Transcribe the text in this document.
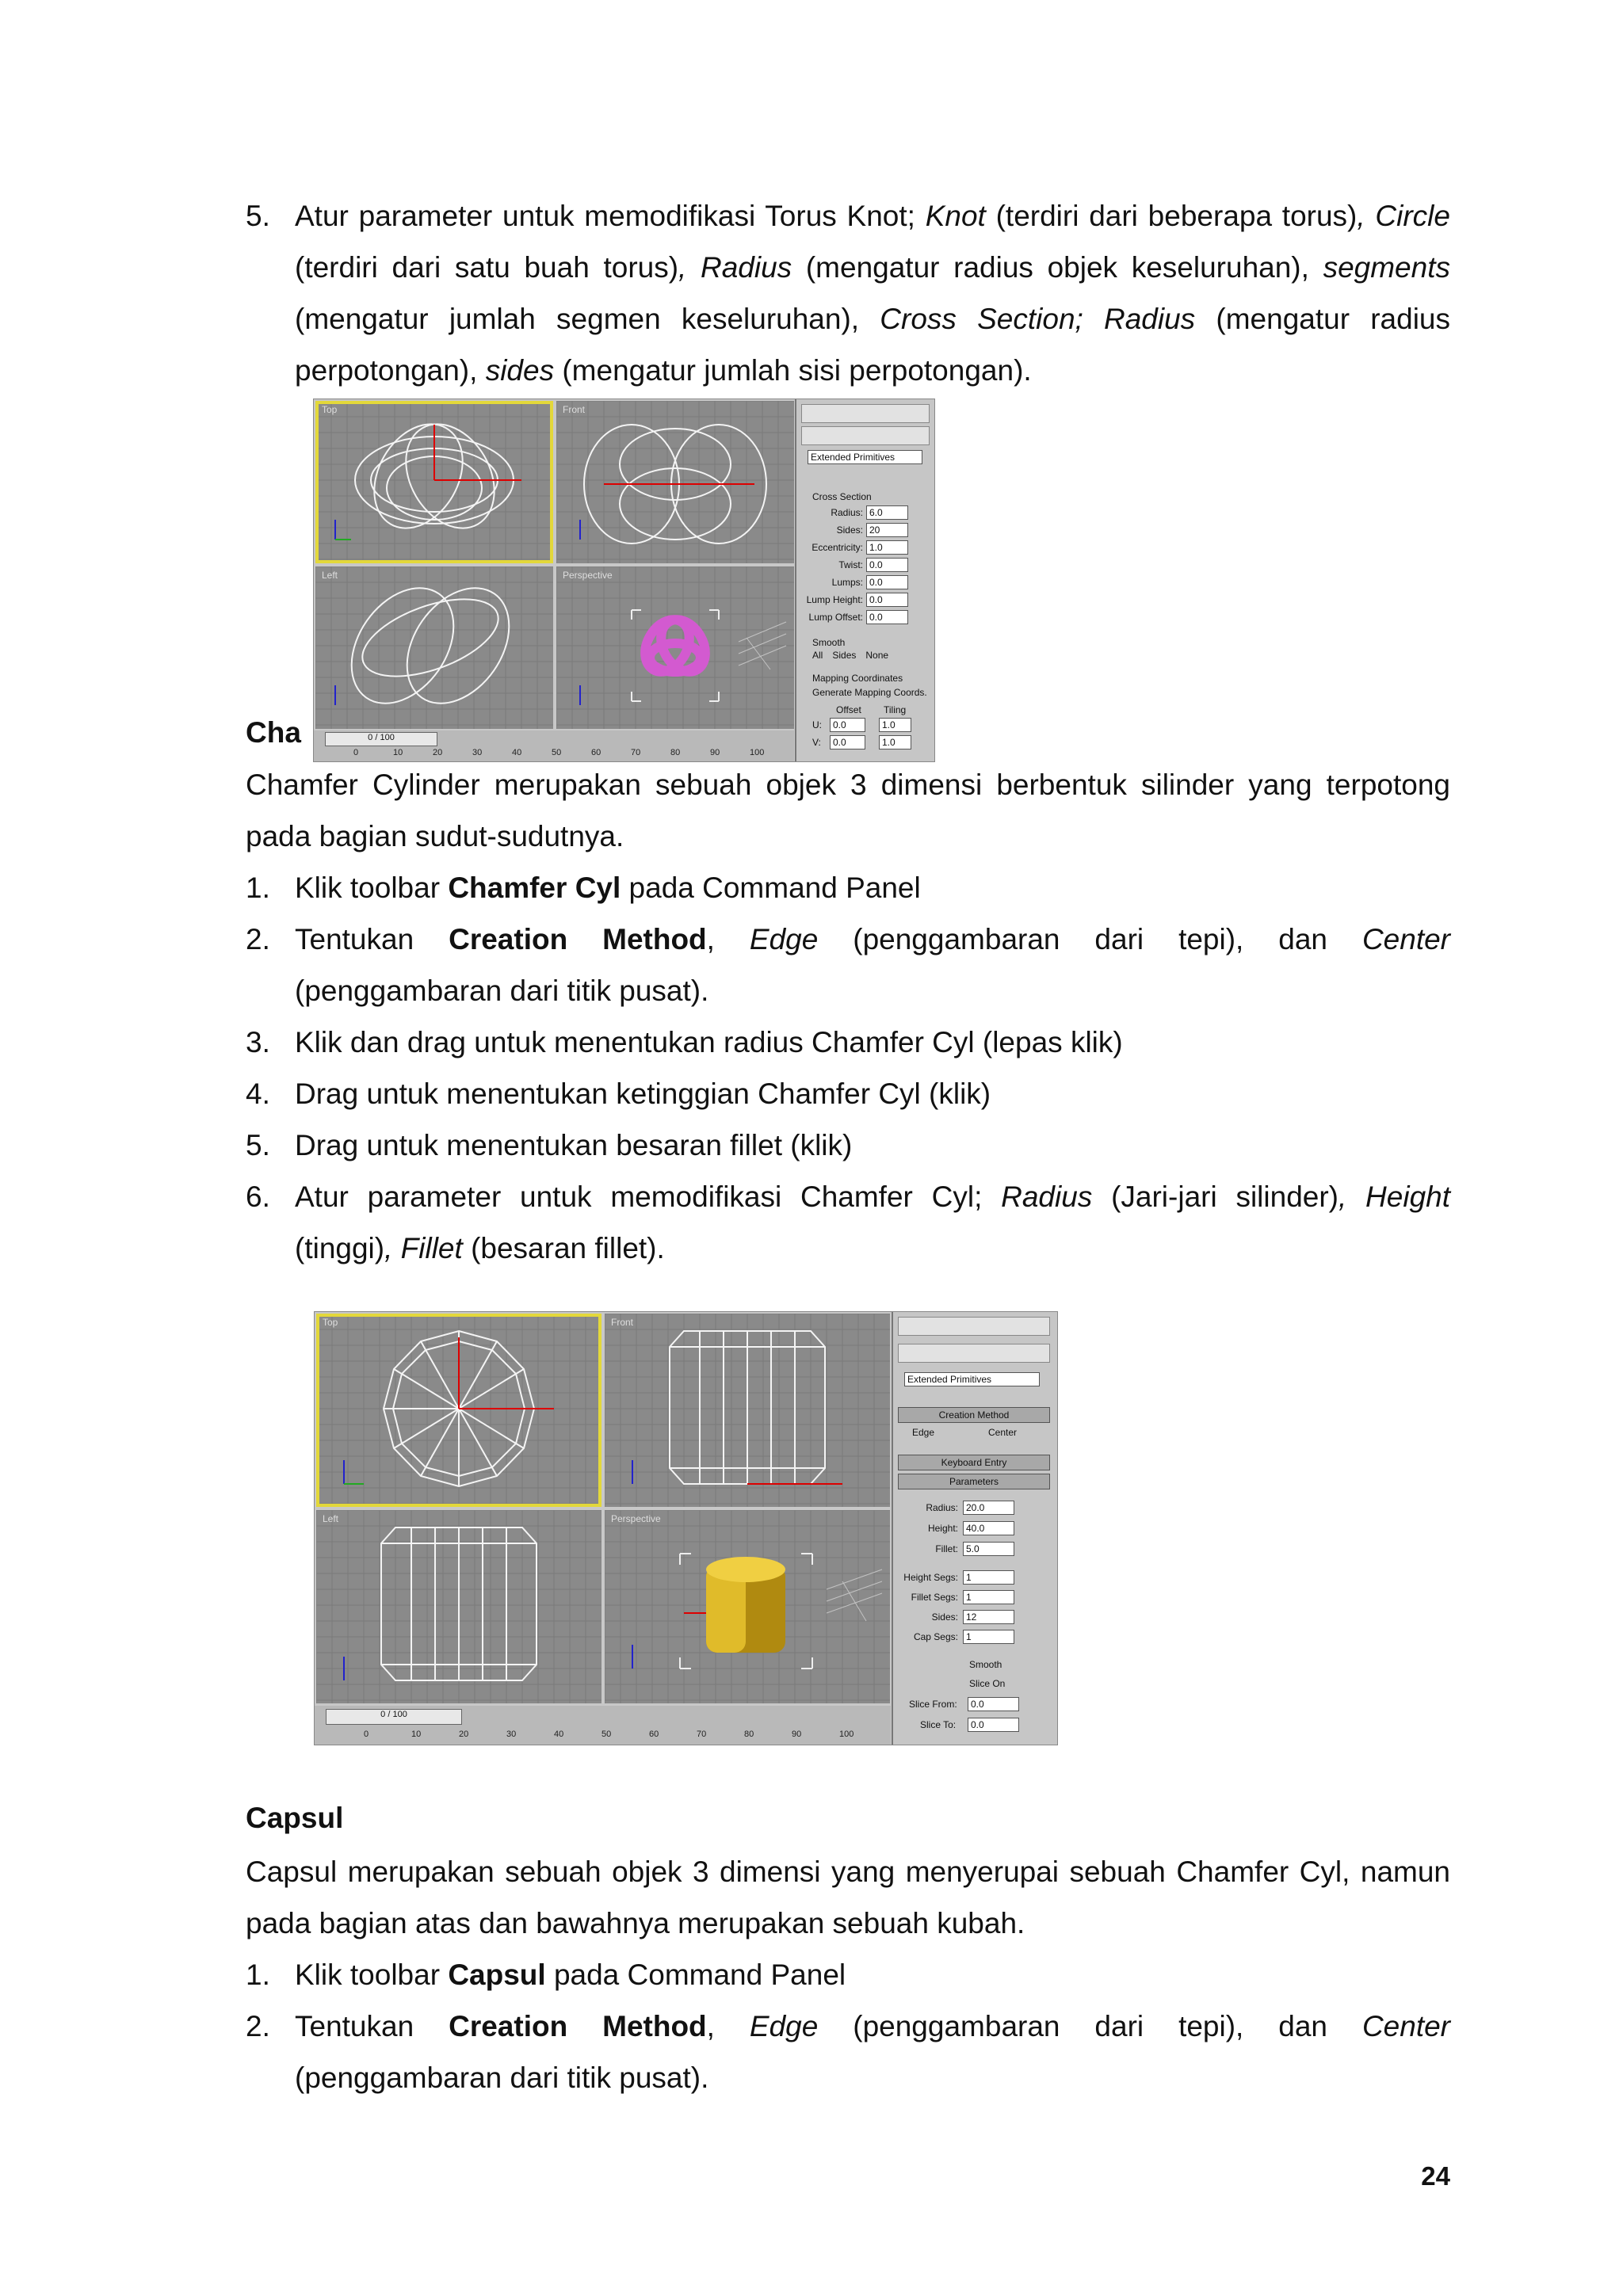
5. Atur parameter untuk memodifikasi Torus Knot; Knot (terdiri dari beberapa torus), Circle (terdiri dari satu buah torus), Radius (mengatur radius objek keseluruhan), segments (mengatur jumlah segmen keseluruhan), Cross Section; Radius (mengatur radius perpotongan), sides (mengatur jumlah sisi perpotongan).
Top	Front
Left	Perspective
Extended Primitives
Cross Section
Radius: 6.0
Sides: 20
Eccentricity: 1.0
Twist: 0.0
Lumps: 0.0
Lump Height: 0.0
Lump Offset: 0.0
Smooth
All Sides None
Mapping Coordinates
Generate Mapping Coords.
Offset Tiling
U:	0.0	1.0
V:	0.0	1.0
0 / 100
0	10	20	30	40	50	60	70	80	90	100

Cha

Chamfer Cylinder merupakan sebuah objek 3 dimensi berbentuk silinder yang terpotong pada bagian sudut-sudutnya.

1. Klik toolbar Chamfer Cyl pada Command Panel
2. Tentukan Creation Method, Edge (penggambaran dari tepi), dan Center (penggambaran dari titik pusat).
3. Klik dan drag untuk menentukan radius Chamfer Cyl (lepas klik)
4. Drag untuk menentukan ketinggian Chamfer Cyl (klik)
5. Drag untuk menentukan besaran fillet (klik)
6. Atur parameter untuk memodifikasi Chamfer Cyl; Radius (Jari-jari silinder), Height (tinggi), Fillet (besaran fillet).
Top	Front
Left	Perspective
Extended Primitives
Creation Method
Edge	Center
Keyboard Entry
Parameters
Radius: 20.0
Height: 40.0
Fillet: 5.0
Height Segs: 1
Fillet Segs: 1
Sides: 12
Cap Segs: 1
Smooth
Slice On
Slice From:	0.0
Slice To:	0.0
0 / 100
0	10	20	30	40	50	60	70	80	90	100

Capsul

Capsul merupakan sebuah objek 3 dimensi yang menyerupai sebuah Chamfer Cyl, namun pada bagian atas dan bawahnya merupakan sebuah kubah.

1. Klik toolbar Capsul pada Command Panel
2. Tentukan Creation Method, Edge (penggambaran dari tepi), dan Center (penggambaran dari titik pusat).
24
